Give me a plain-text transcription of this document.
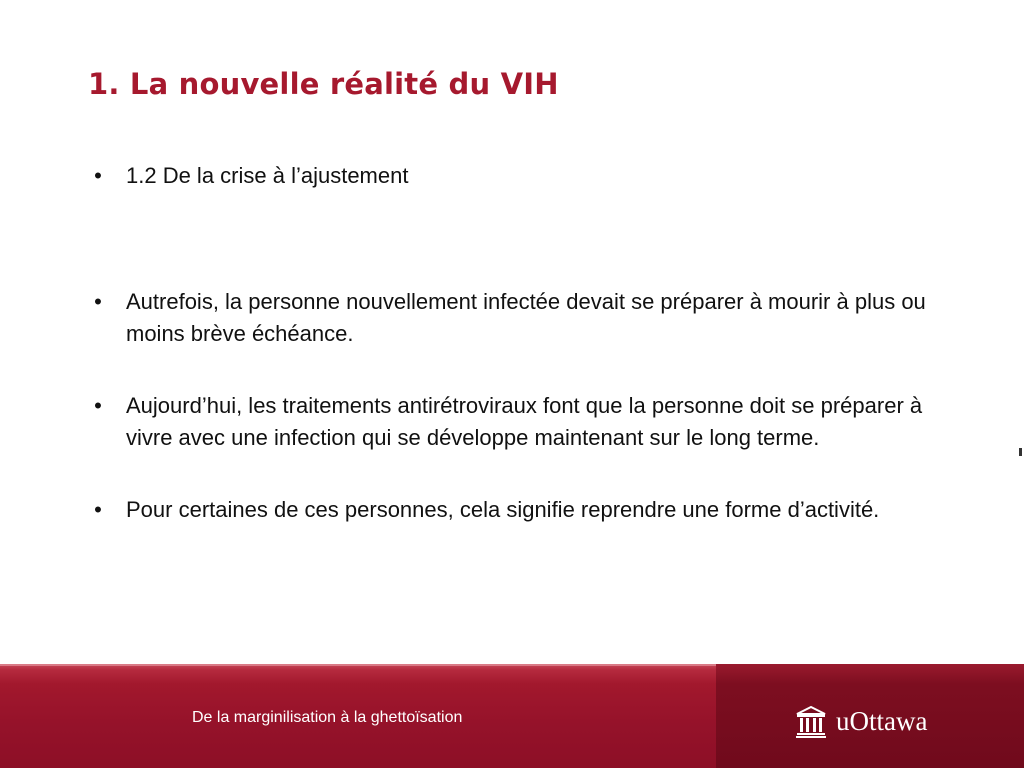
1. La nouvelle réalité du VIH
• 1.2 De la crise à l’ajustement
• Autrefois, la personne nouvellement infectée devait se préparer à mourir à plus ou moins brève échéance.
• Aujourd’hui, les traitements antirétroviraux font que la personne doit se préparer à vivre avec une infection qui se développe maintenant sur le long terme.
• Pour certaines de ces personnes, cela signifie reprendre une forme d’activité.
De la marginilisation à la ghettoïsation	uOttawa
